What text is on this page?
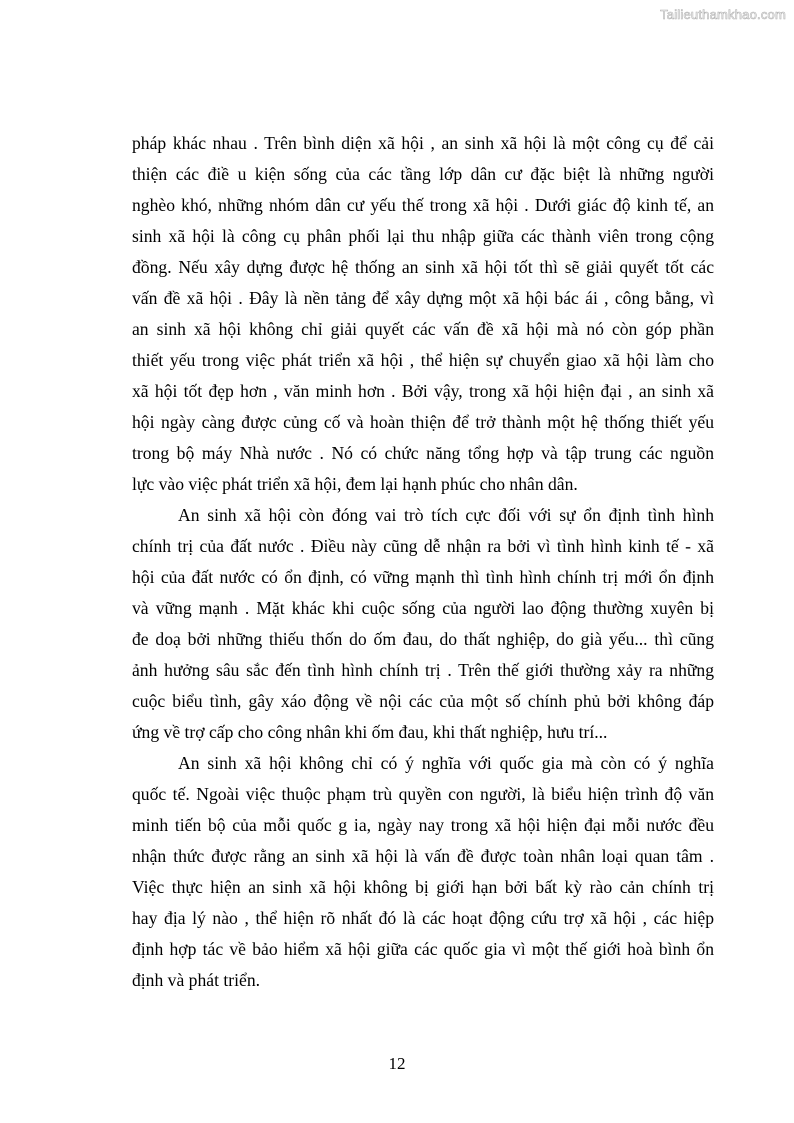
Tailieuthamkhao.com
pháp khác nhau . Trên bình diện xã hội , an sinh xã hội là một công cụ để cải
thiện các điề u kiện sống của các tầng lớp dân cư đặc biệt là những người
nghèo khó, những nhóm dân cư yếu thế trong xã hội . Dưới giác độ kinh tế, an
sinh xã hội là công cụ phân phối lại thu nhập giữa các thành viên trong cộng
đồng. Nếu xây dựng được hệ thống an sinh xã hội tốt thì sẽ giải quyết tốt các
vấn đề xã hội . Đây là nền tảng để xây dựng một xã hội bác ái , công bằng, vì
an sinh xã hội không chỉ giải quyết các vấn đề xã hội mà nó còn góp phần
thiết yếu trong việc phát triển xã hội , thể hiện sự chuyển giao xã hội làm cho
xã hội tốt đẹp hơn , văn minh hơn . Bởi vậy, trong xã hội hiện đại , an sinh xã
hội ngày càng được củng cố và hoàn thiện để trở thành một hệ thống thiết yếu
trong bộ máy Nhà nước . Nó có chức năng tổng hợp và tập trung các nguồn
lực vào việc phát triển xã hội, đem lại hạnh phúc cho nhân dân.
An sinh xã hội còn đóng vai trò tích cực đối với sự ổn định tình hình
chính trị của đất nước . Điều này cũng dễ nhận ra bởi vì tình hình kinh tế - xã
hội của đất nước có ổn định, có vững mạnh thì tình hình chính trị mới ổn định
và vững mạnh . Mặt khác khi cuộc sống của người lao động thường xuyên bị
đe doạ bởi những thiếu thốn do ốm đau, do thất nghiệp, do già yếu... thì cũng
ảnh hưởng sâu sắc đến tình hình chính trị . Trên thế giới thường xảy ra những
cuộc biểu tình, gây xáo động về nội các của một số chính phủ bởi không đáp
ứng về trợ cấp cho công nhân khi ốm đau, khi thất nghiệp, hưu trí...
An sinh xã hội không chỉ có ý nghĩa với quốc gia mà còn có ý nghĩa
quốc tế. Ngoài việc thuộc phạm trù quyền con người, là biểu hiện trình độ văn
minh tiến bộ của mỗi quốc g ia, ngày nay trong xã hội hiện đại mỗi nước đều
nhận thức được rằng an sinh xã hội là vấn đề được toàn nhân loại quan tâm .
Việc thực hiện an sinh xã hội không bị giới hạn bởi bất kỳ rào cản chính trị
hay địa lý nào , thể hiện rõ nhất đó là các hoạt động cứu trợ xã hội , các hiệp
định hợp tác về bảo hiểm xã hội giữa các quốc gia vì một thế giới hoà bình ổn
định và phát triển.
12
